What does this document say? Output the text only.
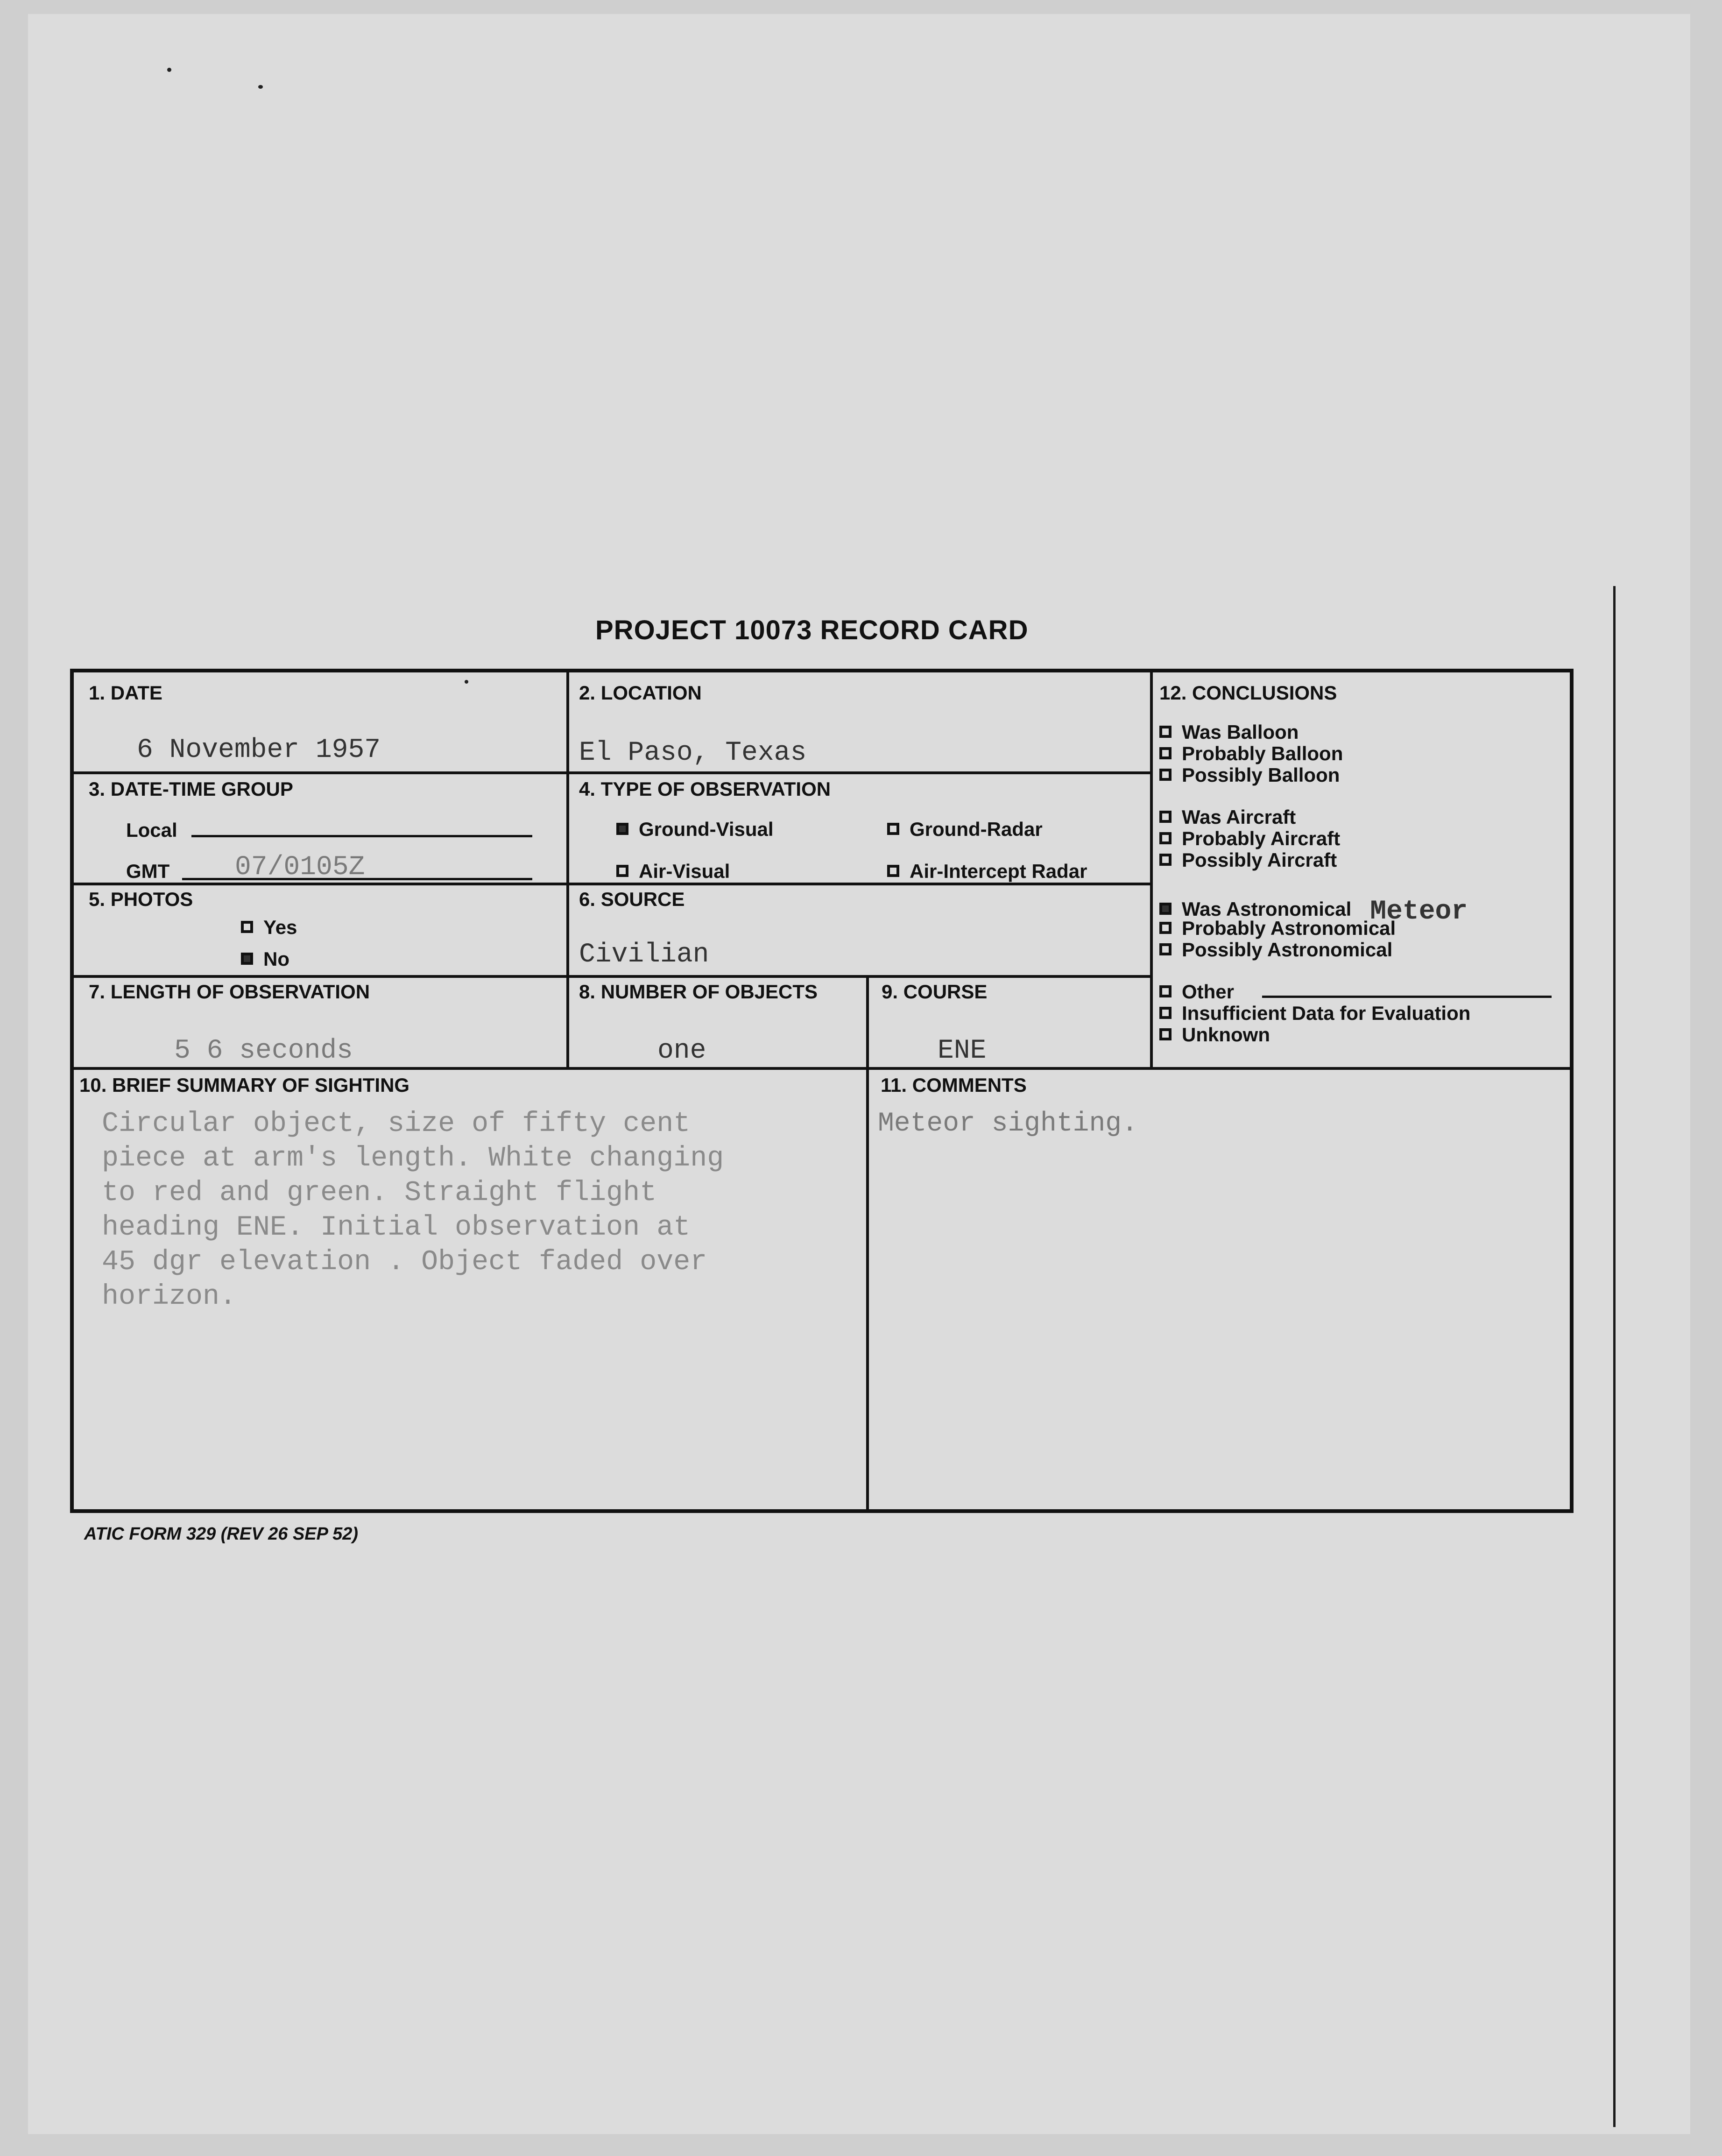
PROJECT 10073 RECORD CARD
1. DATE
6 November 1957
2. LOCATION
El Paso, Texas
3. DATE-TIME GROUP
Local
GMT 07/0105Z
4. TYPE OF OBSERVATION
Ground-Visual	Ground-Radar
Air-Visual	Air-Intercept Radar
5. PHOTOS
Yes
No
6. SOURCE
Civilian
7. LENGTH OF OBSERVATION
5 6 seconds
8. NUMBER OF OBJECTS
one
9. COURSE
ENE
10. BRIEF SUMMARY OF SIGHTING
Circular object, size of fifty cent
piece at arm's length. White changing
to red and green. Straight flight
heading ENE. Initial observation at
45 dgr elevation . Object faded over
horizon.
11. COMMENTS
Meteor sighting.
12. CONCLUSIONS
Was Balloon
Probably Balloon
Possibly Balloon
Was Aircraft
Probably Aircraft
Possibly Aircraft
Was Astronomical Meteor
Probably Astronomical
Possibly Astronomical
Other
Insufficient Data for Evaluation
Unknown
ATIC FORM 329 (REV 26 SEP 52)
